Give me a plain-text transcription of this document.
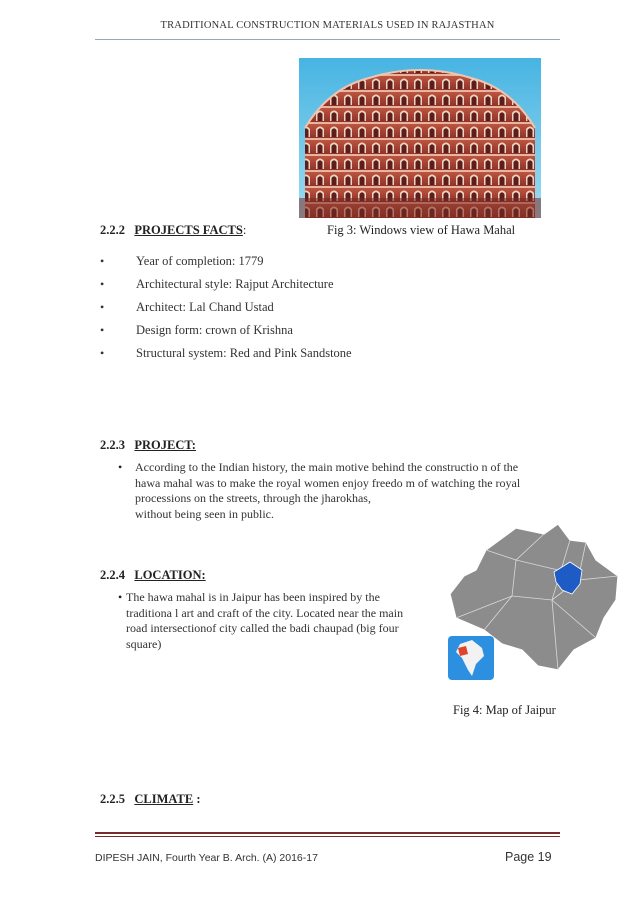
TRADITIONAL CONSTRUCTION MATERIALS USED IN RAJASTHAN
2.2.2 PROJECTS FACTS:	Fig 3: Windows view of Hawa Mahal
• Year of completion: 1779
• Architectural style: Rajput Architecture
• Architect: Lal Chand Ustad
• Design form: crown of Krishna
• Structural system: Red and Pink Sandstone
2.2.3 PROJECT:
• According to the Indian history, the main motive behind the constructio n of the
hawa mahal was to make the royal women enjoy freedo m of watching the royal
processions on the streets, through the jharokhas,
without being seen in public.
2.2.4 LOCATION:
• The hawa mahal is in Jaipur has been inspired by the
traditiona l art and craft of the city. Located near the main
road intersectionof city called the badi chaupad (big four
square)
Fig 4: Map of Jaipur
2.2.5 CLIMATE :
DIPESH JAIN, Fourth Year B. Arch. (A) 2016-17	Page 19
